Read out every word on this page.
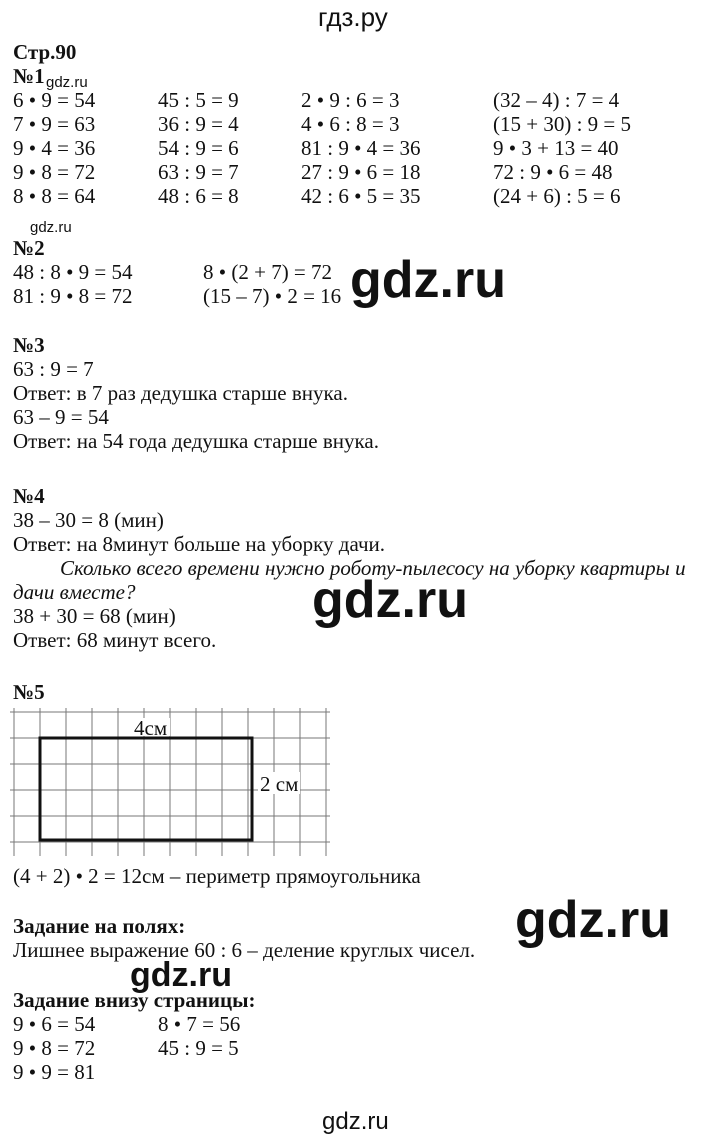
гдз.ру
Стр.90
№1 gdz.ru
6 • 9 = 54
7 • 9 = 63
9 • 4 = 36
9 • 8 = 72
8 • 8 = 64
45 : 5 = 9
36 : 9 = 4
54 : 9 = 6
63 : 9 = 7
48 : 6 = 8
2 • 9 : 6 = 3
4 • 6 : 8 = 3
81 : 9 • 4 = 36
27 : 9 • 6 = 18
42 : 6 • 5 = 35
(32 – 4) : 7 = 4
(15 + 30) : 9 = 5
9 • 3 + 13 = 40
72 : 9 • 6 = 48
(24 + 6) : 5 = 6
gdz.ru
№2
48 : 8 • 9 = 54
81 : 9 • 8 = 72
8 • (2 + 7) = 72
(15 – 7) • 2 = 16 gdz.ru
№3
63 : 9 = 7
Ответ: в 7 раз дедушка старше внука.
63 – 9 = 54
Ответ: на 54 года дедушка старше внука.
№4
38 – 30 = 8 (мин)
Ответ: на 8минут больше на уборку дачи.
Сколько всего времени нужно роботу-пылесосу на уборку квартиры и
дачи вместе?
38 + 30 = 68 (мин)
Ответ: 68 минут всего.
gdz.ru
№5
4см
2 см
(4 + 2) • 2 = 12см – периметр прямоугольника
Задание на полях:
Лишнее выражение 60 : 6 – деление круглых чисел.
gdz.ru
gdz.ru
Задание внизу страницы:
9 • 6 = 54
9 • 8 = 72
9 • 9 = 81
8 • 7 = 56
45 : 9 = 5
gdz.ru
